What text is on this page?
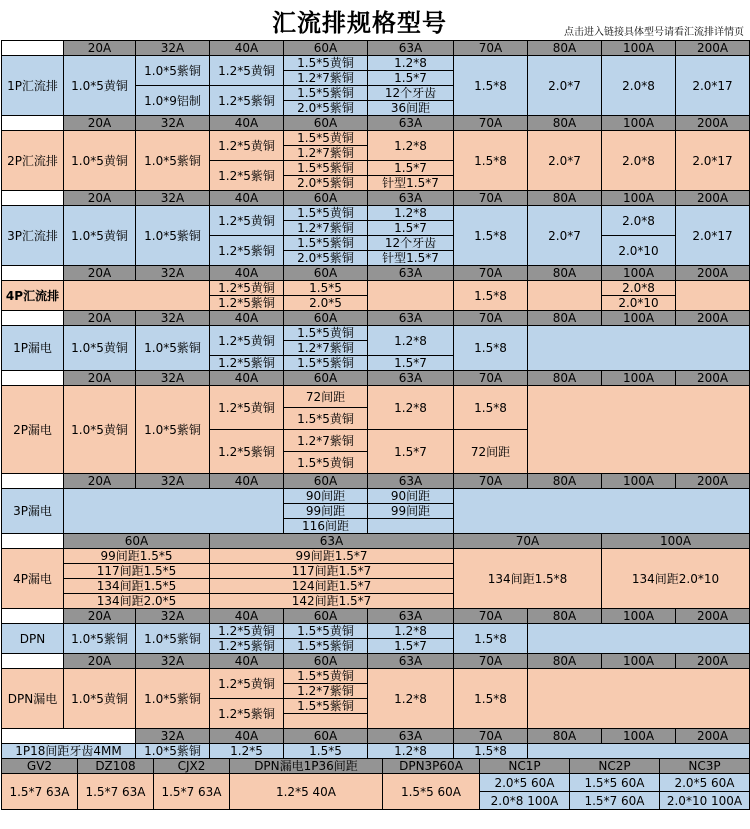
汇流排规格型号	点击进入链接具体型号请看汇流排详情页
	20A	32A	40A	60A	63A	70A	80A	100A	200A
1P汇流排	1.0*5黄铜	1.0*5紫铜	1.2*5黄铜	1.5*5黄铜	1.2*8	1.5*8	2.0*7	2.0*8	2.0*17
				1.2*7紫铜	1.5*7				
		1.0*9铝制	1.2*5紫铜	1.5*5紫铜	12个牙齿				
				2.0*5紫铜	36间距				
	20A	32A	40A	60A	63A	70A	80A	100A	200A
2P汇流排	1.0*5黄铜	1.0*5紫铜	1.2*5黄铜	1.5*5黄铜	1.2*8	1.5*8	2.0*7	2.0*8	2.0*17
				1.2*7紫铜					
			1.2*5紫铜	1.5*5紫铜	1.5*7				
				2.0*5紫铜	针型1.5*7				
	20A	32A	40A	60A	63A	70A	80A	100A	200A
3P汇流排	1.0*5黄铜	1.0*5紫铜	1.2*5黄铜	1.5*5黄铜	1.2*8	1.5*8	2.0*7	2.0*8	2.0*17
				1.2*7紫铜	1.5*7				
			1.2*5紫铜	1.5*5紫铜	12个牙齿			2.0*10	
				2.0*5紫铜	针型1.5*7				
	20A	32A	40A	60A	63A	70A	80A	100A	200A
4P汇流排			1.2*5黄铜	1.5*5		1.5*8		2.0*8	
			1.2*5紫铜	2.0*5				2.0*10	
	20A	32A	40A	60A	63A	70A	80A	100A	200A
1P漏电	1.0*5黄铜	1.0*5紫铜	1.2*5黄铜	1.5*5黄铜	1.2*8	1.5*8			
				1.2*7紫铜					
			1.2*5紫铜	1.5*5紫铜	1.5*7				

	20A	32A	40A	60A	63A	70A	80A	100A	200A
2P漏电	1.0*5黄铜	1.0*5紫铜	1.2*5黄铜	72间距	1.2*8	1.5*8			
				1.5*5黄铜					
			1.2*5紫铜	1.2*7紫铜	1.5*7	72间距			
				1.5*5黄铜					
	20A	32A	40A	60A	63A	70A	80A	100A	200A
3P漏电				90间距	90间距				
				99间距	99间距				
				116间距					
	60A		63A			70A		100A	
4P漏电	99间距1.5*5		99间距1.5*7			134间距1.5*8		134间距2.0*10	
	117间距1.5*5		117间距1.5*7						
	134间距1.5*5		124间距1.5*7						
	134间距2.0*5		142间距1.5*7						
	20A	32A	40A	60A	63A	70A	80A	100A	200A
DPN	1.0*5紫铜	1.0*5紫铜	1.2*5黄铜	1.5*5黄铜	1.2*8	1.5*8			
			1.2*5紫铜	1.5*5紫铜	1.5*7				
	20A	32A	40A	60A	63A	70A	80A	100A	200A
DPN漏电	1.0*5黄铜	1.0*5紫铜	1.2*5黄铜	1.5*5黄铜	1.2*8	1.5*8			
				1.2*7紫铜					
			1.2*5紫铜	1.5*5紫铜					

		32A	40A	60A	63A	70A	80A	100A	200A
1P18间距牙齿4MM		1.0*5紫铜	1.2*5	1.5*5	1.2*8	1.5*8			
GV2	DZ108	CJX2	DPN漏电1P36间距	DPN3P60A	NC1P	NC2P	NC3P
1.5*7 63A	1.5*7 63A	1.5*7 63A	1.2*5 40A	1.5*5 60A	2.0*5 60A	1.5*5 60A	2.0*5 60A
					2.0*8 100A	1.5*7 60A	2.0*10 100A
